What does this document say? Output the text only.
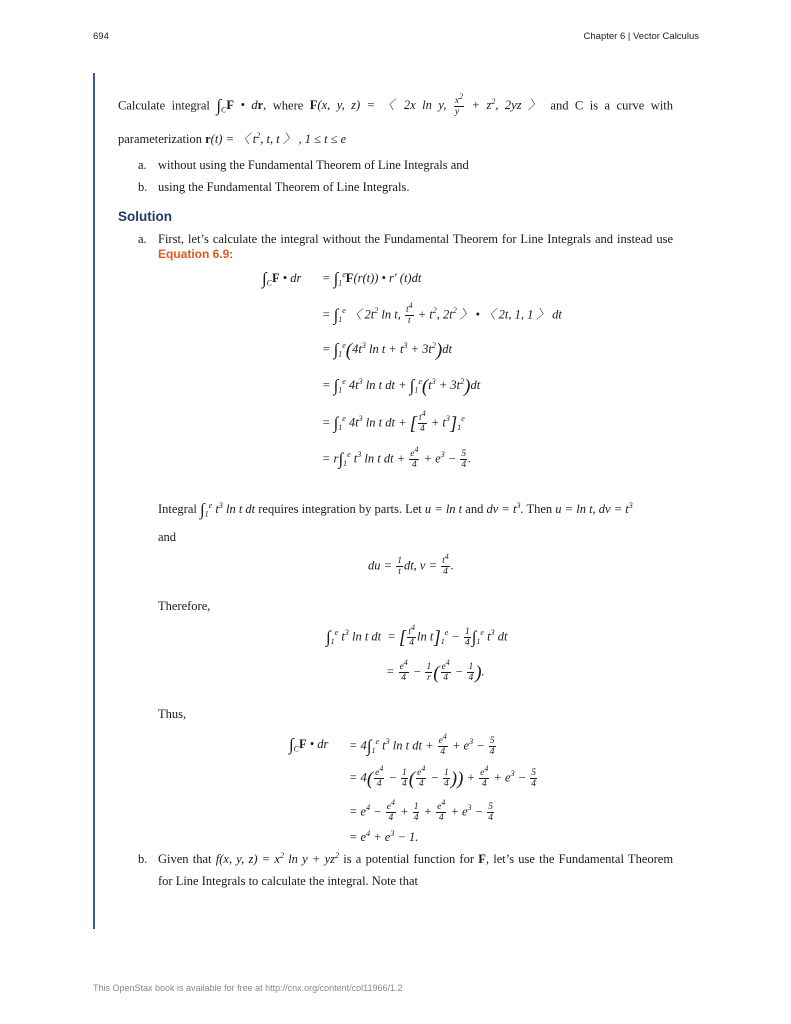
694	Chapter 6 | Vector Calculus
Calculate integral $\int_CF$ • dr, where F(x, y, z) = 〈 2x ln y, $\frac{x^2}{y} + z^2$, 2yz 〉 and C is a curve with
parameterization r(t) = 〈 $t^2$, t, t 〉 , 1 ≤ t ≤ e
a. without using the Fundamental Theorem of Line Integrals and
b. using the Fundamental Theorem of Line Integrals.
Solution
a. First, let’s calculate the integral without the Fundamental Theorem for Line Integrals and instead use
Equation 6.9:
$\int_CF$ • dr = $\int_1^eF(r(t))$ • r′ (t)dt
= $\int_1^e$ 〈 $2t^2$ ln t, $\frac{t^4}{t} + t^2$, $2t^2$ 〉 • 〈 2t, 1, 1 〉 dt
= $\int_1^e(4t^3$ $\ln t + t^3 + 3t^2)dt$
= $\int_1^e$ $4t^3$ ln t dt + $\int_1^e(t^3 + 3t^2)dt$
= $\int_1^e$ $4t^3$ ln t dt + [ $\frac{t^4}{4} + t^3]_1^e$
= $r\int_1^e$ $t^3$ ln t dt + $\frac{e^4}{4} + e^3 - \frac{5}{4}$ .
Integral $\int_1^e$ $t^3$ ln t dt requires integration by parts. Let u = ln t and dv = $t^3$. Then u = ln t, dv = $t^3$
and
du = $\frac{1}{t}$ dt, $v = \frac{t^4}{4}$ .
Therefore,
$\int_1^e$ $t^3$ ln t dt  = [ $\frac{t^4}{4}$ $\ln t]_1^e - \frac{1}{4} \int_1^e$ $t^3$ dt
= $\frac{e^4}{4} - \frac{1}{r}$ ( $\frac{e^4}{4} - \frac{1}{4}$ ).
Thus,
$\int_CF$ • dr = $4\int_1^e$ $t^3$ ln t dt + $\frac{e^4}{4} + e^3 - \frac{5}{4}$
= $4( \frac{e^4}{4} - \frac{1}{4}$ ( $\frac{e^4}{4} - \frac{1}{4}$ )) + $\frac{e^4}{4} + e^3 - \frac{5}{4}$
= $e^4 - \frac{e^4}{4} + \frac{1}{4} + \frac{e^4}{4} + e^3 - \frac{5}{4}$
= $e^4 + e^3 - 1$.
b. Given that f(x, y, $z) = x^2$ $\ln y + yz^2$ is a potential function for F, let’s use the Fundamental Theorem
for Line Integrals to calculate the integral. Note that
This OpenStax book is available for free at http://cnx.org/content/col11966/1.2
